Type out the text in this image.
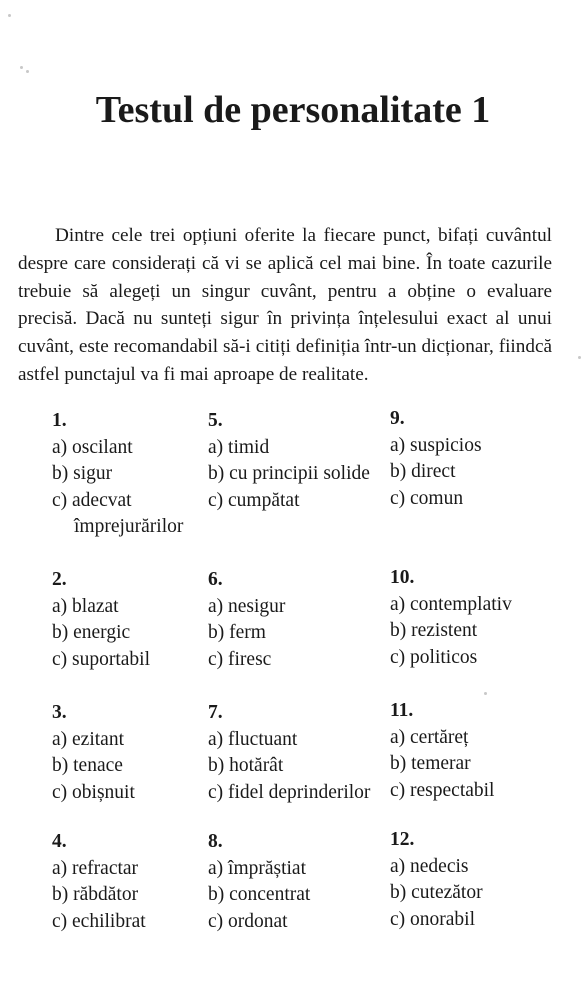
Testul de personalitate 1

Dintre cele trei opțiuni oferite la fiecare punct, bifați cuvântul despre care considerați că vi se aplică cel mai bine. În toate cazurile trebuie să alegeți un singur cuvânt, pentru a obține o evaluare precisă. Dacă nu sunteți sigur în privința înțelesului exact al unui cuvânt, este recomandabil să-i citiți definiția într-un dicționar, fiindcă astfel punctajul va fi mai aproape de realitate.

1.
a) oscilant
b) sigur
c) adecvat
împrejurărilor
2.
a) blazat
b) energic
c) suportabil
3.
a) ezitant
b) tenace
c) obișnuit
4.
a) refractar
b) răbdător
c) echilibrat
5.
a) timid
b) cu principii solide
c) cumpătat
6.
a) nesigur
b) ferm
c) firesc
7.
a) fluctuant
b) hotărât
c) fidel deprinderilor
8.
a) împrăștiat
b) concentrat
c) ordonat
9.
a) suspicios
b) direct
c) comun
10.
a) contemplativ
b) rezistent
c) politicos
11.
a) certăreț
b) temerar
c) respectabil
12.
a) nedecis
b) cutezător
c) onorabil
